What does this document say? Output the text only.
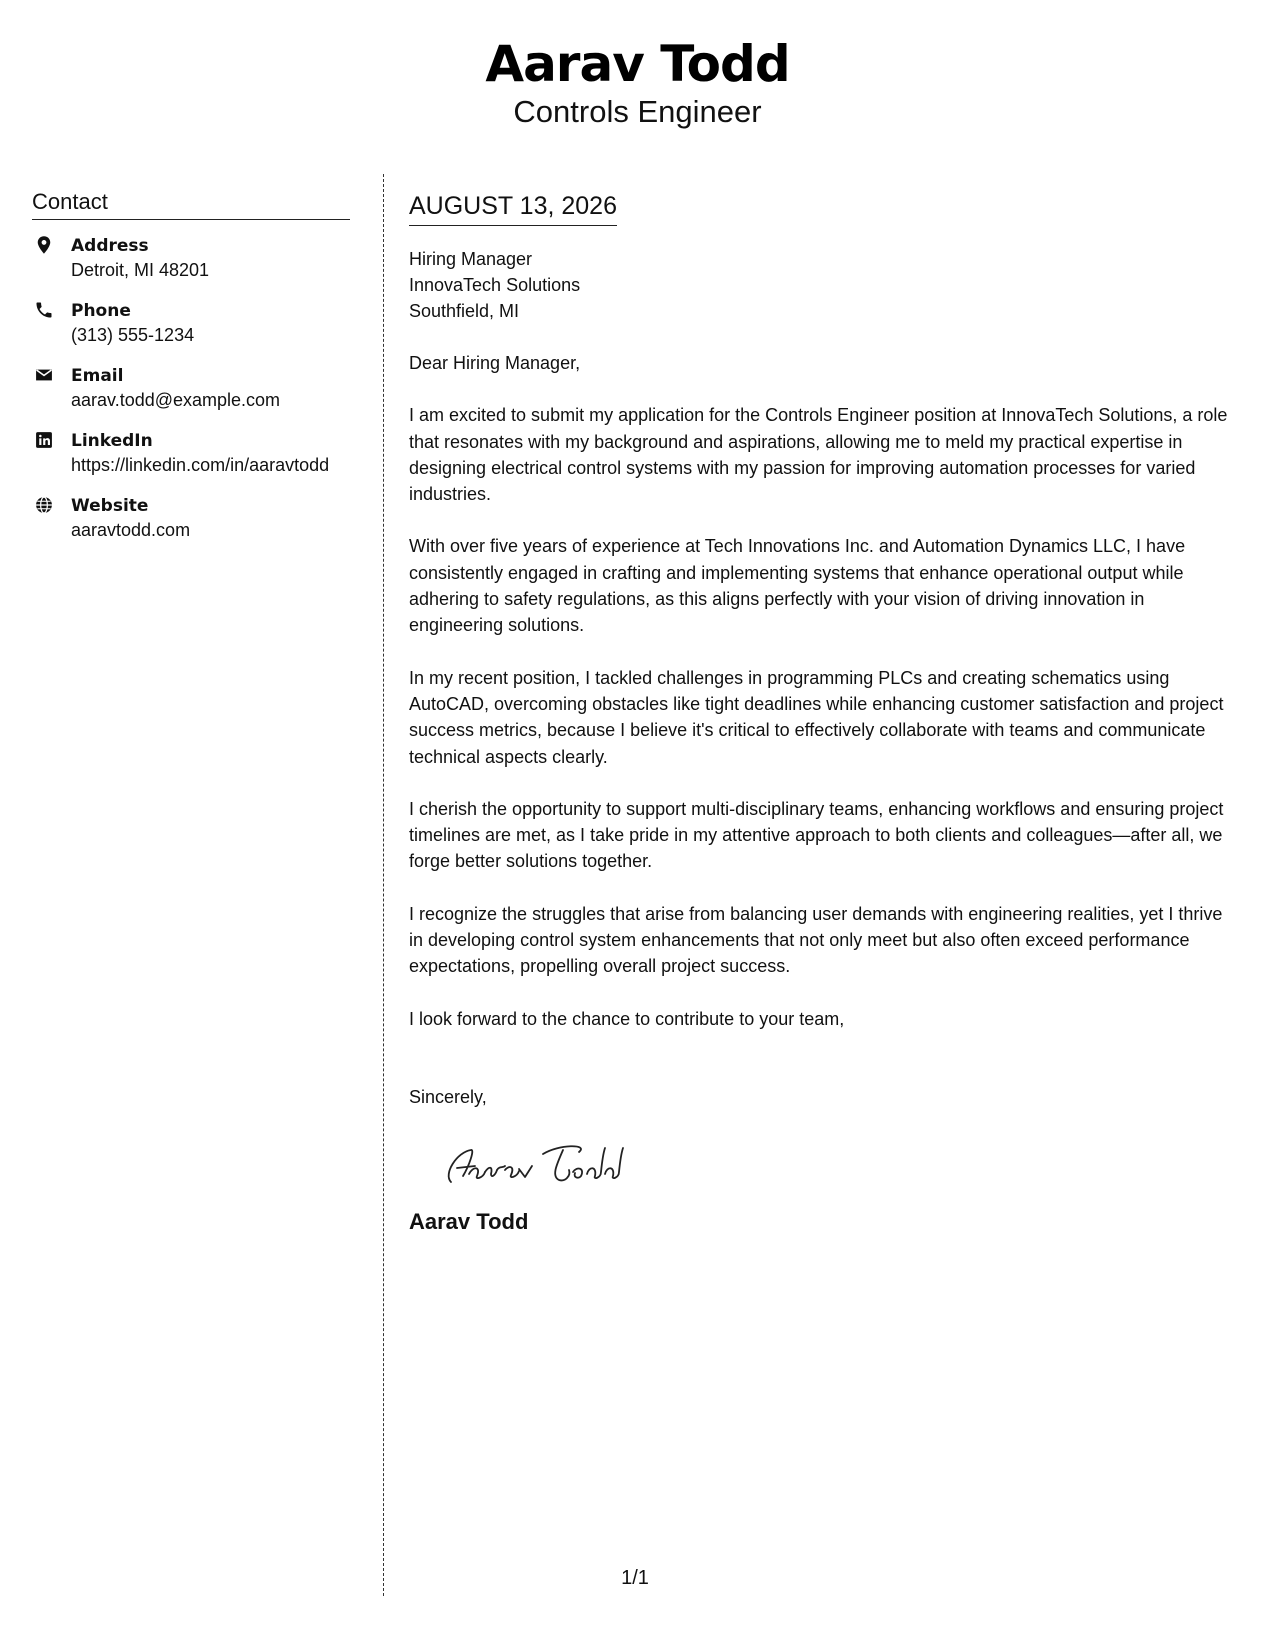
Aarav Todd
Controls Engineer
Contact
Address
Detroit, MI 48201
Phone
(313) 555-1234
Email
aarav.todd@example.com
LinkedIn
https://linkedin.com/in/aaravtodd
Website
aaravtodd.com
AUGUST 13, 2026
Hiring Manager
InnovaTech Solutions
Southfield, MI
Dear Hiring Manager,

I am excited to submit my application for the Controls Engineer position at InnovaTech Solutions, a role that resonates with my background and aspirations, allowing me to meld my practical expertise in designing electrical control systems with my passion for improving automation processes for varied industries.

With over five years of experience at Tech Innovations Inc. and Automation Dynamics LLC, I have consistently engaged in crafting and implementing systems that enhance operational output while adhering to safety regulations, as this aligns perfectly with your vision of driving innovation in engineering solutions.

In my recent position, I tackled challenges in programming PLCs and creating schematics using AutoCAD, overcoming obstacles like tight deadlines while enhancing customer satisfaction and project success metrics, because I believe it's critical to effectively collaborate with teams and communicate technical aspects clearly.

I cherish the opportunity to support multi-disciplinary teams, enhancing workflows and ensuring project timelines are met, as I take pride in my attentive approach to both clients and colleagues—after all, we forge better solutions together.

I recognize the struggles that arise from balancing user demands with engineering realities, yet I thrive in developing control system enhancements that not only meet but also often exceed performance expectations, propelling overall project success.

I look forward to the chance to contribute to your team,
Sincerely,
Aarav Todd
1/1
